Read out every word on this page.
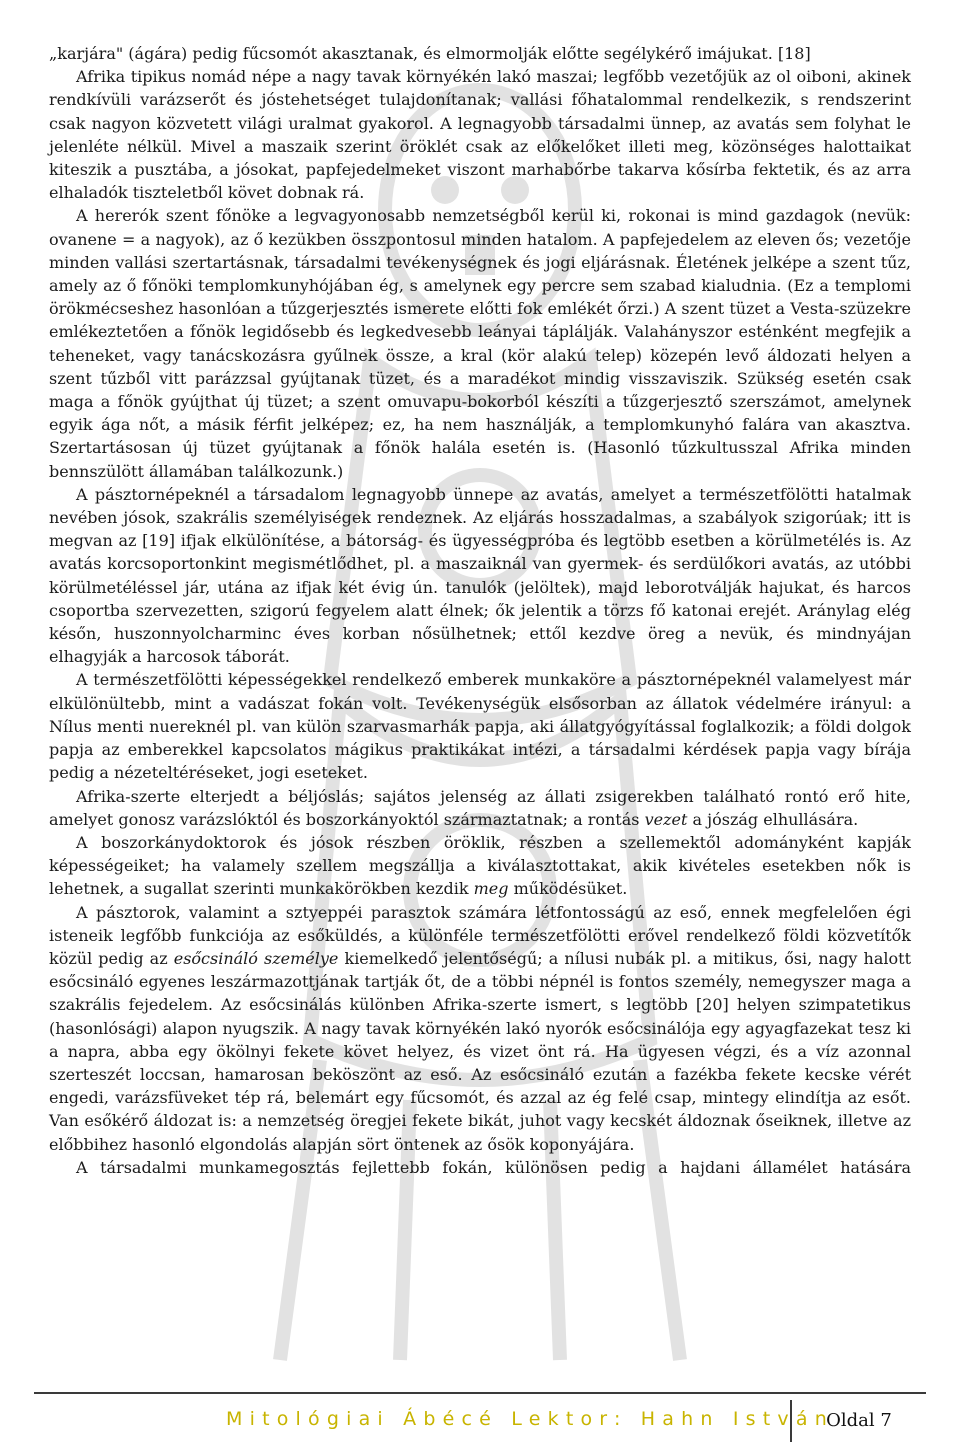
„karjára" (ágára) pedig fűcsomót akasztanak, és elmormolják előtte segélykérő imájukat. [18]

Afrika tipikus nomád népe a nagy tavak környékén lakó maszai; legfőbb vezetőjük az ol oiboni, akinek rendkívüli varázserőt és jóstehetséget tulajdonítanak; vallási főhatalommal rendelkezik, s rendszerint csak nagyon közvetett világi uralmat gyakorol. A legnagyobb társadalmi ünnep, az avatás sem folyhat le jelenléte nélkül. Mivel a maszaik szerint öröklét csak az előkelőket illeti meg, közönséges halottaikat kiteszik a pusztába, a jósokat, papfejedelmeket viszont marhabőrbe takarva kősírba fektetik, és az arra elhaladók tiszteletből követ dobnak rá.

A hererók szent főnöke a legvagyonosabb nemzetségből kerül ki, rokonai is mind gazdagok (nevük: ovanene = a nagyok), az ő kezükben összpontosul minden hatalom. A papfejedelem az eleven ős; vezetője minden vallási szertartásnak, társadalmi tevékenységnek és jogi eljárásnak. Életének jelképe a szent tűz, amely az ő főnöki templomkunyhójában ég, s amelynek egy percre sem szabad kialudnia. (Ez a templomi örökmécseshez hasonlóan a tűzgerjesztés ismerete előtti fok emlékét őrzi.) A szent tüzet a Vesta-szüzekre emlékeztetően a főnök legidősebb és legkedvesebb leányai táplálják. Valahányszor esténként megfejik a teheneket, vagy tanácskozásra gyűlnek össze, a kral (kör alakú telep) közepén levő áldozati helyen a szent tűzből vitt parázzsal gyújtanak tüzet, és a maradékot mindig visszaviszik. Szükség esetén csak maga a főnök gyújthat új tüzet; a szent omuvapu-bokorból készíti a tűzgerjesztő szerszámot, amelynek egyik ága nőt, a másik férfit jelképez; ez, ha nem használják, a templomkunyhó falára van akasztva. Szertartásosan új tüzet gyújtanak a főnök halála esetén is. (Hasonló tűzkultusszal Afrika minden bennszülött államában találkozunk.)

A pásztornépeknél a társadalom legnagyobb ünnepe az avatás, amelyet a természetfölötti hatalmak nevében jósok, szakrális személyiségek rendeznek. Az eljárás hosszadalmas, a szabályok szigorúak; itt is megvan az [19] ifjak elkülönítése, a bátorság- és ügyességpróba és legtöbb esetben a körülmetélés is. Az avatás korcsoportonkint megismétlődhet, pl. a maszaiknál van gyermek- és serdülőkori avatás, az utóbbi körülmetéléssel jár, utána az ifjak két évig ún. tanulók (jelöltek), majd leborotválják hajukat, és harcos csoportba szervezetten, szigorú fegyelem alatt élnek; ők jelentik a törzs fő katonai erejét. Aránylag elég későn, huszonnyolcharminc éves korban nősülhetnek; ettől kezdve öreg a nevük, és mindnyájan elhagyják a harcosok táborát.

A természetfölötti képességekkel rendelkező emberek munkaköre a pásztornépeknél valamelyest már elkülönültebb, mint a vadászat fokán volt. Tevékenységük elsősorban az állatok védelmére irányul: a Nílus menti nuereknél pl. van külön szarvasmarhák papja, aki állatgyógyítással foglalkozik; a földi dolgok papja az emberekkel kapcsolatos mágikus praktikákat intézi, a társadalmi kérdések papja vagy bírája pedig a nézeteltéréseket, jogi eseteket.

Afrika-szerte elterjedt a béljóslás; sajátos jelenség az állati zsigerekben található rontó erő hite, amelyet gonosz varázslóktól és boszorkányoktól származtatnak; a rontás vezet a jószág elhullására.

A boszorkánydoktorok és jósok részben öröklik, részben a szellemektől adományként kapják képességeiket; ha valamely szellem megszállja a kiválasztottakat, akik kivételes esetekben nők is lehetnek, a sugallat szerinti munkakörökben kezdik meg működésüket.

A pásztorok, valamint a sztyeppéi parasztok számára létfontosságú az eső, ennek megfelelően égi isteneik legfőbb funkciója az esőküldés, a különféle természetfölötti erővel rendelkező földi közvetítők közül pedig az esőcsináló személye kiemelkedő jelentőségű; a nílusi nubák pl. a mitikus, ősi, nagy halott esőcsináló egyenes leszármazottjának tartják őt, de a többi népnél is fontos személy, nemegyszer maga a szakrális fejedelem. Az esőcsinálás különben Afrika-szerte ismert, s legtöbb [20] helyen szimpatetikus (hasonlósági) alapon nyugszik. A nagy tavak környékén lakó nyorók esőcsinálója egy agyagfazekat tesz ki a napra, abba egy ökölnyi fekete követ helyez, és vizet önt rá. Ha ügyesen végzi, és a víz azonnal szerteszét loccsan, hamarosan beköszönt az eső. Az esőcsináló ezután a fazékba fekete kecske vérét engedi, varázsfüveket tép rá, belemárt egy fűcsomót, és azzal az ég felé csap, mintegy elindítja az esőt. Van esőkérő áldozat is: a nemzetség öregjei fekete bikát, juhot vagy kecskét áldoznak őseiknek, illetve az előbbihez hasonló elgondolás alapján sört öntenek az ősök koponyájára.

A társadalmi munkamegosztás fejlettebb fokán, különösen pedig a hajdani államélet hatására

Mitológiai Ábécé Lektor: Hahn István
Oldal 7
